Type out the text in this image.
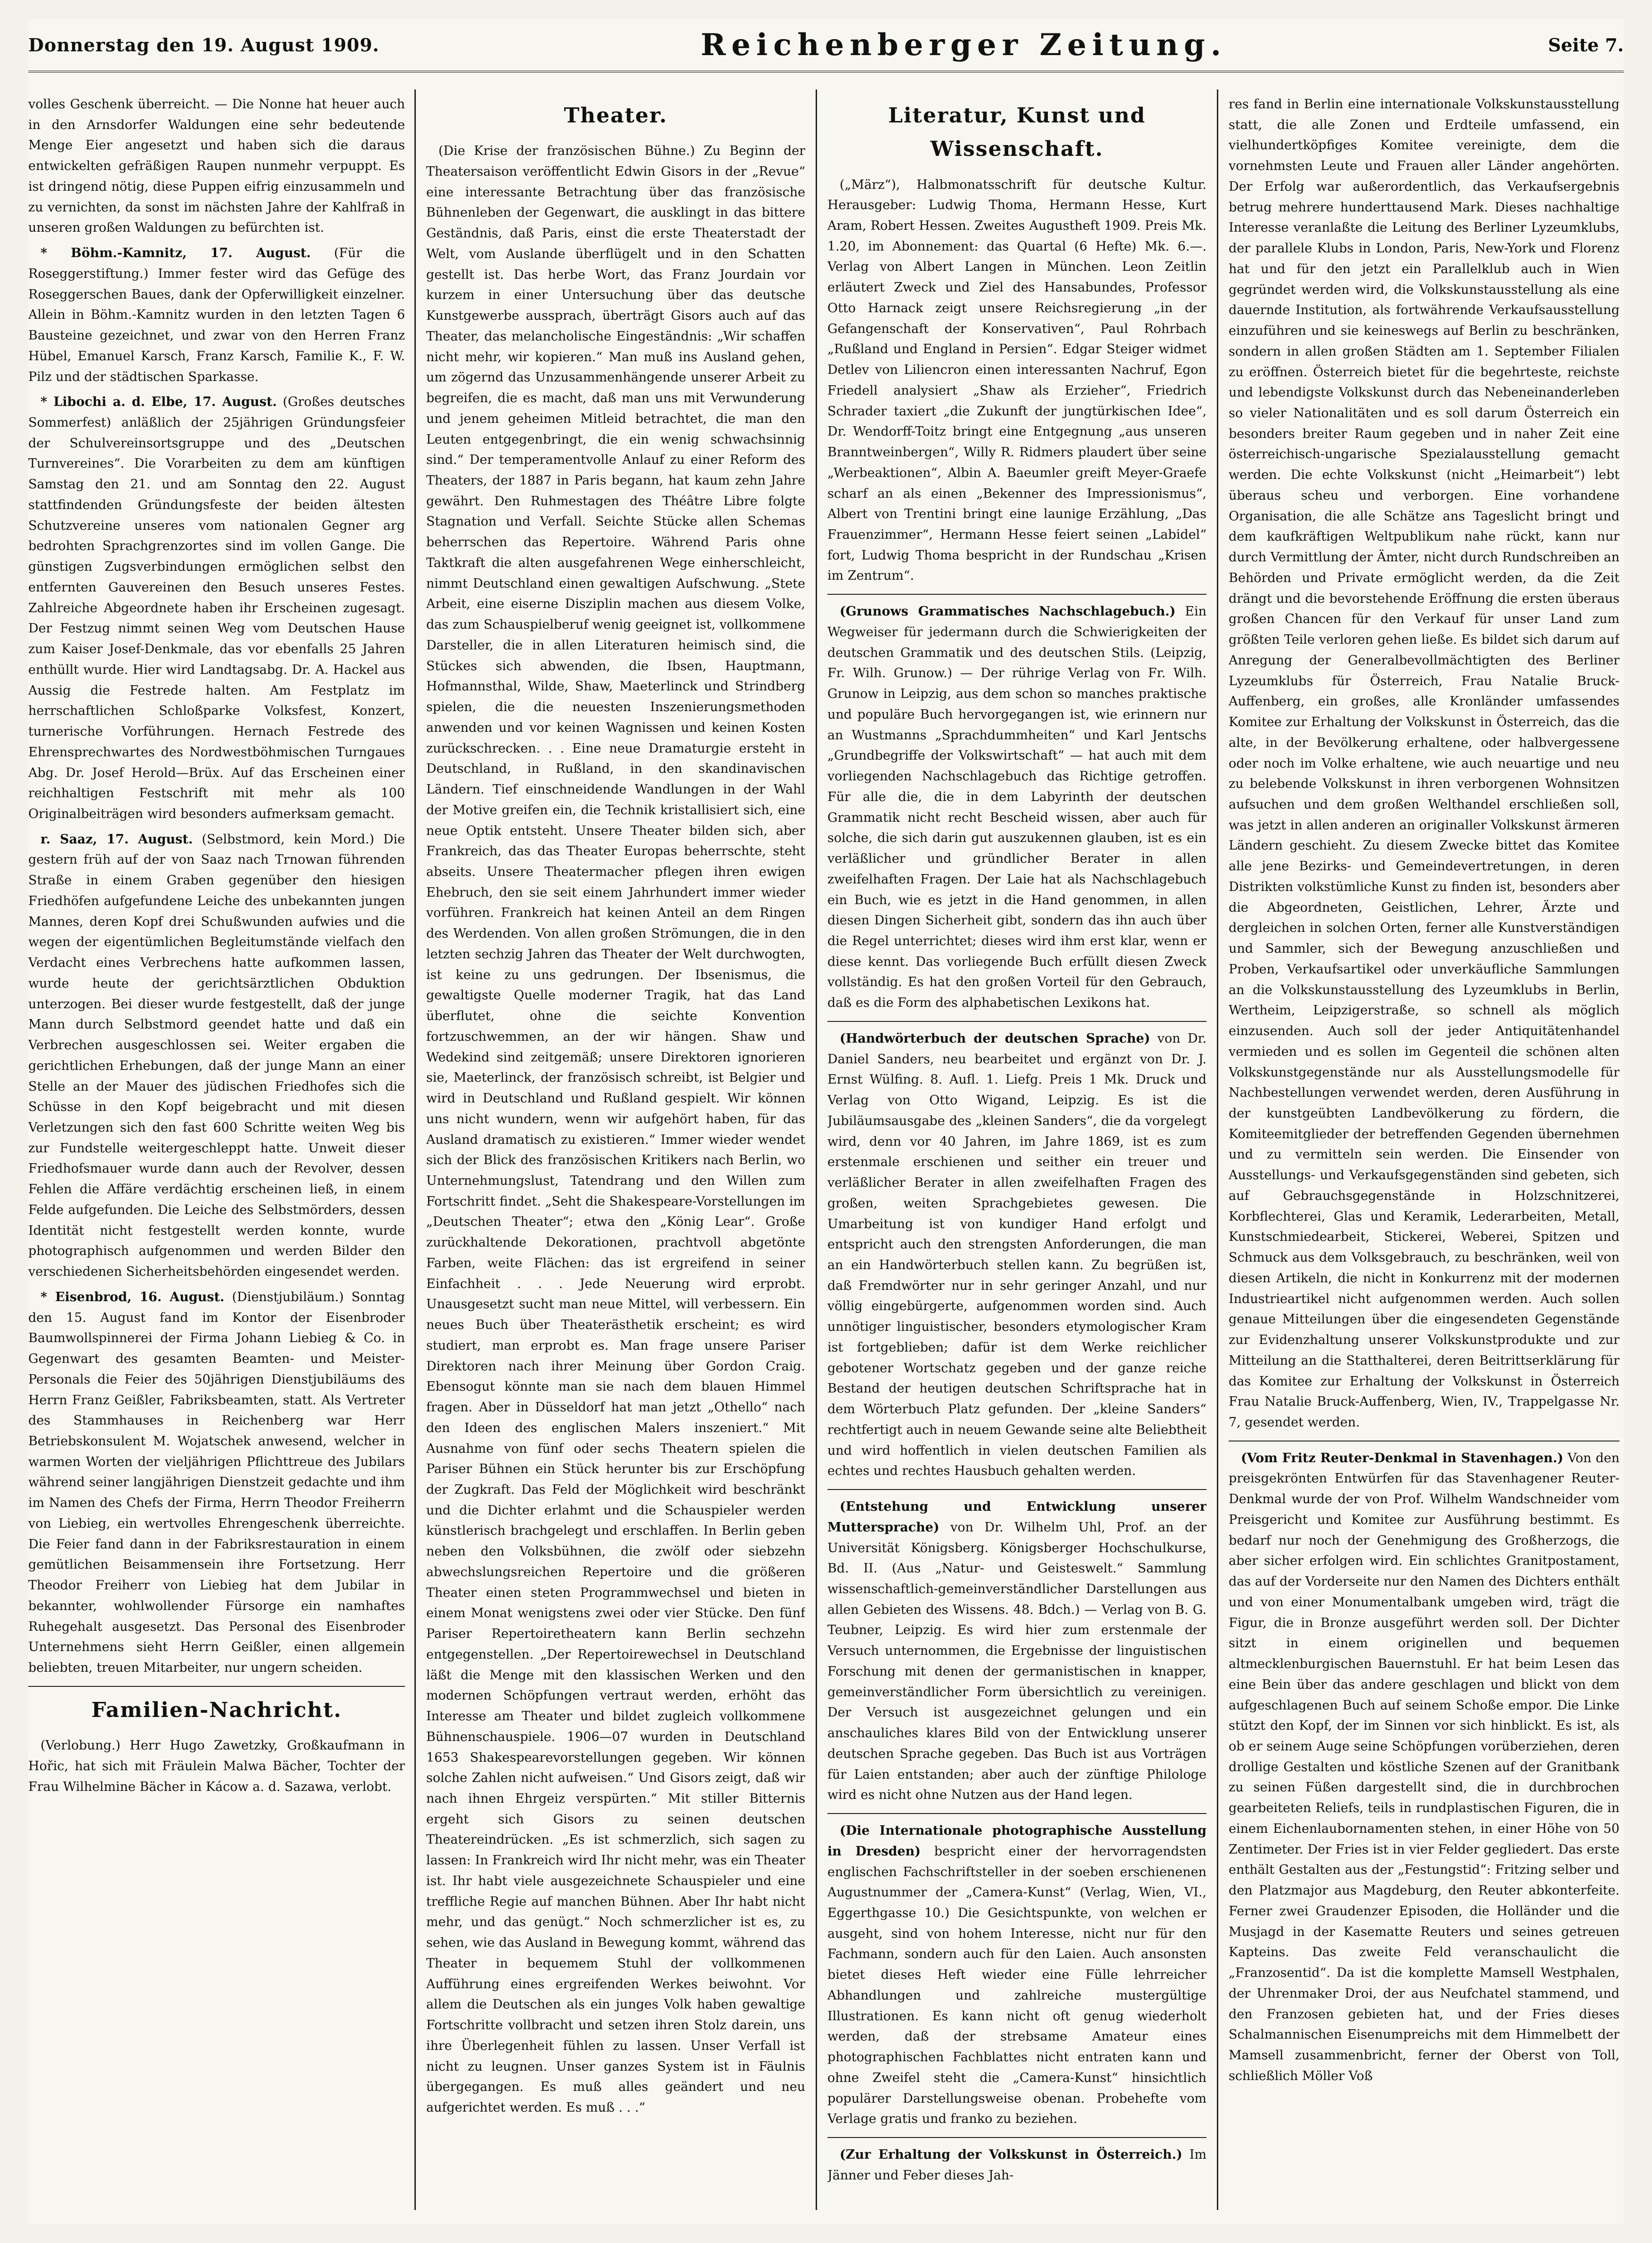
Donnerstag den 19. August 1909.	Reichenberger Zeitung.	Seite 7.

volles Geschenk überreicht. — Die Nonne hat heuer auch in den Arnsdorfer Waldungen eine sehr bedeutende Menge Eier angesetzt und haben sich die daraus entwickelten gefräßigen Raupen nunmehr verpuppt. Es ist dringend nötig, diese Puppen eifrig einzusammeln und zu vernichten, da sonst im nächsten Jahre der Kahlfraß in unseren großen Waldungen zu befürchten ist.

* Böhm.-Kamnitz, 17. August. (Für die Roseggerstiftung.) Immer fester wird das Gefüge des Roseggerschen Baues, dank der Opferwilligkeit einzelner. Allein in Böhm.-Kamnitz wurden in den letzten Tagen 6 Bausteine gezeichnet, und zwar von den Herren Franz Hübel, Emanuel Karsch, Franz Karsch, Familie K., F. W. Pilz und der städtischen Sparkasse.

* Libochi a. d. Elbe, 17. August. (Großes deutsches Sommerfest) anläßlich der 25jährigen Gründungsfeier der Schulvereinsortsgruppe und des „Deutschen Turnvereines“. Die Vorarbeiten zu dem am künftigen Samstag den 21. und am Sonntag den 22. August stattfindenden Gründungsfeste der beiden ältesten Schutzvereine unseres vom nationalen Gegner arg bedrohten Sprachgrenzortes sind im vollen Gange. Die günstigen Zugsverbindungen ermöglichen selbst den entfernten Gauvereinen den Besuch unseres Festes. Zahlreiche Abgeordnete haben ihr Erscheinen zugesagt. Der Festzug nimmt seinen Weg vom Deutschen Hause zum Kaiser Josef-Denkmale, das vor ebenfalls 25 Jahren enthüllt wurde. Hier wird Landtagsabg. Dr. A. Hackel aus Aussig die Festrede halten. Am Festplatz im herrschaftlichen Schloßparke Volksfest, Konzert, turnerische Vorführungen. Hernach Festrede des Ehrensprechwartes des Nordwestböhmischen Turngaues Abg. Dr. Josef Herold—Brüx. Auf das Erscheinen einer reichhaltigen Festschrift mit mehr als 100 Originalbeiträgen wird besonders aufmerksam gemacht.

r. Saaz, 17. August. (Selbstmord, kein Mord.) Die gestern früh auf der von Saaz nach Trnowan führenden Straße in einem Graben gegenüber den hiesigen Friedhöfen aufgefundene Leiche des unbekannten jungen Mannes, deren Kopf drei Schußwunden aufwies und die wegen der eigentümlichen Begleitumstände vielfach den Verdacht eines Verbrechens hatte aufkommen lassen, wurde heute der gerichtsärztlichen Obduktion unterzogen. Bei dieser wurde festgestellt, daß der junge Mann durch Selbstmord geendet hatte und daß ein Verbrechen ausgeschlossen sei. Weiter ergaben die gerichtlichen Erhebungen, daß der junge Mann an einer Stelle an der Mauer des jüdischen Friedhofes sich die Schüsse in den Kopf beigebracht und mit diesen Verletzungen sich den fast 600 Schritte weiten Weg bis zur Fundstelle weitergeschleppt hatte. Unweit dieser Friedhofsmauer wurde dann auch der Revolver, dessen Fehlen die Affäre verdächtig erscheinen ließ, in einem Felde aufgefunden. Die Leiche des Selbstmörders, dessen Identität nicht festgestellt werden konnte, wurde photographisch aufgenommen und werden Bilder den verschiedenen Sicherheitsbehörden eingesendet werden.

* Eisenbrod, 16. August. (Dienstjubiläum.) Sonntag den 15. August fand im Kontor der Eisenbroder Baumwollspinnerei der Firma Johann Liebieg & Co. in Gegenwart des gesamten Beamten- und Meister-Personals die Feier des 50jährigen Dienstjubiläums des Herrn Franz Geißler, Fabriksbeamten, statt. Als Vertreter des Stammhauses in Reichenberg war Herr Betriebskonsulent M. Wojatschek anwesend, welcher in warmen Worten der vieljährigen Pflichttreue des Jubilars während seiner langjährigen Dienstzeit gedachte und ihm im Namen des Chefs der Firma, Herrn Theodor Freiherrn von Liebieg, ein wertvolles Ehrengeschenk überreichte. Die Feier fand dann in der Fabriksrestauration in einem gemütlichen Beisammensein ihre Fortsetzung. Herr Theodor Freiherr von Liebieg hat dem Jubilar in bekannter, wohlwollender Fürsorge ein namhaftes Ruhegehalt ausgesetzt. Das Personal des Eisenbroder Unternehmens sieht Herrn Geißler, einen allgemein beliebten, treuen Mitarbeiter, nur ungern scheiden.

Familien-Nachricht.

(Verlobung.) Herr Hugo Zawetzky, Großkaufmann in Hořic, hat sich mit Fräulein Malwa Bächer, Tochter der Frau Wilhelmine Bächer in Kácow a. d. Sazawa, verlobt.

Theater.

(Die Krise der französischen Bühne.) Zu Beginn der Theatersaison veröffentlicht Edwin Gisors in der „Revue“ eine interessante Betrachtung über das französische Bühnenleben der Gegenwart, die ausklingt in das bittere Geständnis, daß Paris, einst die erste Theaterstadt der Welt, vom Auslande überflügelt und in den Schatten gestellt ist. Das herbe Wort, das Franz Jourdain vor kurzem in einer Untersuchung über das deutsche Kunstgewerbe aussprach, überträgt Gisors auch auf das Theater, das melancholische Eingeständnis: „Wir schaffen nicht mehr, wir kopieren.“ Man muß ins Ausland gehen, um zögernd das Unzusammenhängende unserer Arbeit zu begreifen, die es macht, daß man uns mit Verwunderung und jenem geheimen Mitleid betrachtet, die man den Leuten entgegenbringt, die ein wenig schwachsinnig sind.“ Der temperamentvolle Anlauf zu einer Reform des Theaters, der 1887 in Paris begann, hat kaum zehn Jahre gewährt. Den Ruhmestagen des Théâtre Libre folgte Stagnation und Verfall. Seichte Stücke allen Schemas beherrschen das Repertoire. Während Paris ohne Taktkraft die alten ausgefahrenen Wege einherschleicht, nimmt Deutschland einen gewaltigen Aufschwung. „Stete Arbeit, eine eiserne Disziplin machen aus diesem Volke, das zum Schauspielberuf wenig geeignet ist, vollkommene Darsteller, die in allen Literaturen heimisch sind, die Stückes sich abwenden, die Ibsen, Hauptmann, Hofmannsthal, Wilde, Shaw, Maeterlinck und Strindberg spielen, die die neuesten Inszenierungsmethoden anwenden und vor keinen Wagnissen und keinen Kosten zurückschrecken. . . Eine neue Dramaturgie ersteht in Deutschland, in Rußland, in den skandinavischen Ländern. Tief einschneidende Wandlungen in der Wahl der Motive greifen ein, die Technik kristallisiert sich, eine neue Optik entsteht. Unsere Theater bilden sich, aber Frankreich, das das Theater Europas beherrschte, steht abseits. Unsere Theatermacher pflegen ihren ewigen Ehebruch, den sie seit einem Jahrhundert immer wieder vorführen. Frankreich hat keinen Anteil an dem Ringen des Werdenden. Von allen großen Strömungen, die in den letzten sechzig Jahren das Theater der Welt durchwogten, ist keine zu uns gedrungen. Der Ibsenismus, die gewaltigste Quelle moderner Tragik, hat das Land überflutet, ohne die seichte Konvention fortzuschwemmen, an der wir hängen. Shaw und Wedekind sind zeitgemäß; unsere Direktoren ignorieren sie, Maeterlinck, der französisch schreibt, ist Belgier und wird in Deutschland und Rußland gespielt. Wir können uns nicht wundern, wenn wir aufgehört haben, für das Ausland dramatisch zu existieren.“ Immer wieder wendet sich der Blick des französischen Kritikers nach Berlin, wo Unternehmungslust, Tatendrang und den Willen zum Fortschritt findet. „Seht die Shakespeare-Vorstellungen im „Deutschen Theater“; etwa den „König Lear“. Große zurückhaltende Dekorationen, prachtvoll abgetönte Farben, weite Flächen: das ist ergreifend in seiner Einfachheit . . . Jede Neuerung wird erprobt. Unausgesetzt sucht man neue Mittel, will verbessern. Ein neues Buch über Theaterästhetik erscheint; es wird studiert, man erprobt es. Man frage unsere Pariser Direktoren nach ihrer Meinung über Gordon Craig. Ebensogut könnte man sie nach dem blauen Himmel fragen. Aber in Düsseldorf hat man jetzt „Othello“ nach den Ideen des englischen Malers inszeniert.“ Mit Ausnahme von fünf oder sechs Theatern spielen die Pariser Bühnen ein Stück herunter bis zur Erschöpfung der Zugkraft. Das Feld der Möglichkeit wird beschränkt und die Dichter erlahmt und die Schauspieler werden künstlerisch brachgelegt und erschlaffen. In Berlin geben neben den Volksbühnen, die zwölf oder siebzehn abwechslungsreichen Repertoire und die größeren Theater einen steten Programmwechsel und bieten in einem Monat wenigstens zwei oder vier Stücke. Den fünf Pariser Repertoiretheatern kann Berlin sechzehn entgegenstellen. „Der Repertoirewechsel in Deutschland läßt die Menge mit den klassischen Werken und den modernen Schöpfungen vertraut werden, erhöht das Interesse am Theater und bildet zugleich vollkommene Bühnenschauspiele. 1906—07 wurden in Deutschland 1653 Shakespearevorstellungen gegeben. Wir können solche Zahlen nicht aufweisen.“ Und Gisors zeigt, daß wir nach ihnen Ehrgeiz verspürten.“ Mit stiller Bitternis ergeht sich Gisors zu seinen deutschen Theatereindrücken. „Es ist schmerzlich, sich sagen zu lassen: In Frankreich wird Ihr nicht mehr, was ein Theater ist. Ihr habt viele ausgezeichnete Schauspieler und eine treffliche Regie auf manchen Bühnen. Aber Ihr habt nicht mehr, und das genügt.“ Noch schmerzlicher ist es, zu sehen, wie das Ausland in Bewegung kommt, während das Theater in bequemem Stuhl der vollkommenen Aufführung eines ergreifenden Werkes beiwohnt. Vor allem die Deutschen als ein junges Volk haben gewaltige Fortschritte vollbracht und setzen ihren Stolz darein, uns ihre Überlegenheit fühlen zu lassen. Unser Verfall ist nicht zu leugnen. Unser ganzes System ist in Fäulnis übergegangen. Es muß alles geändert und neu aufgerichtet werden. Es muß . . .“

Literatur, Kunst und Wissenschaft.

(„März“), Halbmonatsschrift für deutsche Kultur. Herausgeber: Ludwig Thoma, Hermann Hesse, Kurt Aram, Robert Hessen. Zweites Augustheft 1909. Preis Mk. 1.20, im Abonnement: das Quartal (6 Hefte) Mk. 6.—. Verlag von Albert Langen in München. Leon Zeitlin erläutert Zweck und Ziel des Hansabundes, Professor Otto Harnack zeigt unsere Reichsregierung „in der Gefangenschaft der Konservativen“, Paul Rohrbach „Rußland und England in Persien“. Edgar Steiger widmet Detlev von Liliencron einen interessanten Nachruf, Egon Friedell analysiert „Shaw als Erzieher“, Friedrich Schrader taxiert „die Zukunft der jungtürkischen Idee“, Dr. Wendorff-Toitz bringt eine Entgegnung „aus unseren Branntweinbergen“, Willy R. Ridmers plaudert über seine „Werbeaktionen“, Albin A. Baeumler greift Meyer-Graefe scharf an als einen „Bekenner des Impressionismus“, Albert von Trentini bringt eine launige Erzählung, „Das Frauenzimmer“, Hermann Hesse feiert seinen „Labidel“ fort, Ludwig Thoma bespricht in der Rundschau „Krisen im Zentrum“.

(Grunows Grammatisches Nachschlagebuch.) Ein Wegweiser für jedermann durch die Schwierigkeiten der deutschen Grammatik und des deutschen Stils. (Leipzig, Fr. Wilh. Grunow.) — Der rührige Verlag von Fr. Wilh. Grunow in Leipzig, aus dem schon so manches praktische und populäre Buch hervorgegangen ist, wie erinnern nur an Wustmanns „Sprachdummheiten“ und Karl Jentschs „Grundbegriffe der Volkswirtschaft“ — hat auch mit dem vorliegenden Nachschlagebuch das Richtige getroffen. Für alle die, die in dem Labyrinth der deutschen Grammatik nicht recht Bescheid wissen, aber auch für solche, die sich darin gut auszukennen glauben, ist es ein verläßlicher und gründlicher Berater in allen zweifelhaften Fragen. Der Laie hat als Nachschlagebuch ein Buch, wie es jetzt in die Hand genommen, in allen diesen Dingen Sicherheit gibt, sondern das ihn auch über die Regel unterrichtet; dieses wird ihm erst klar, wenn er diese kennt. Das vorliegende Buch erfüllt diesen Zweck vollständig. Es hat den großen Vorteil für den Gebrauch, daß es die Form des alphabetischen Lexikons hat.

(Handwörterbuch der deutschen Sprache) von Dr. Daniel Sanders, neu bearbeitet und ergänzt von Dr. J. Ernst Wülfing. 8. Aufl. 1. Liefg. Preis 1 Mk. Druck und Verlag von Otto Wigand, Leipzig. Es ist die Jubiläumsausgabe des „kleinen Sanders“, die da vorgelegt wird, denn vor 40 Jahren, im Jahre 1869, ist es zum erstenmale erschienen und seither ein treuer und verläßlicher Berater in allen zweifelhaften Fragen des großen, weiten Sprachgebietes gewesen. Die Umarbeitung ist von kundiger Hand erfolgt und entspricht auch den strengsten Anforderungen, die man an ein Handwörterbuch stellen kann. Zu begrüßen ist, daß Fremdwörter nur in sehr geringer Anzahl, und nur völlig eingebürgerte, aufgenommen worden sind. Auch unnötiger linguistischer, besonders etymologischer Kram ist fortgeblieben; dafür ist dem Werke reichlicher gebotener Wortschatz gegeben und der ganze reiche Bestand der heutigen deutschen Schriftsprache hat in dem Wörterbuch Platz gefunden. Der „kleine Sanders“ rechtfertigt auch in neuem Gewande seine alte Beliebtheit und wird hoffentlich in vielen deutschen Familien als echtes und rechtes Hausbuch gehalten werden.

(Entstehung und Entwicklung unserer Muttersprache) von Dr. Wilhelm Uhl, Prof. an der Universität Königsberg. Königsberger Hochschulkurse, Bd. II. (Aus „Natur- und Geisteswelt.“ Sammlung wissenschaftlich-gemeinverständlicher Darstellungen aus allen Gebieten des Wissens. 48. Bdch.) — Verlag von B. G. Teubner, Leipzig. Es wird hier zum erstenmale der Versuch unternommen, die Ergebnisse der linguistischen Forschung mit denen der germanistischen in knapper, gemeinverständlicher Form übersichtlich zu vereinigen. Der Versuch ist ausgezeichnet gelungen und ein anschauliches klares Bild von der Entwicklung unserer deutschen Sprache gegeben. Das Buch ist aus Vorträgen für Laien entstanden; aber auch der zünftige Philologe wird es nicht ohne Nutzen aus der Hand legen.

(Die Internationale photographische Ausstellung in Dresden) bespricht einer der hervorragendsten englischen Fachschriftsteller in der soeben erschienenen Augustnummer der „Camera-Kunst“ (Verlag, Wien, VI., Eggerthgasse 10.) Die Gesichtspunkte, von welchen er ausgeht, sind von hohem Interesse, nicht nur für den Fachmann, sondern auch für den Laien. Auch ansonsten bietet dieses Heft wieder eine Fülle lehrreicher Abhandlungen und zahlreiche mustergültige Illustrationen. Es kann nicht oft genug wiederholt werden, daß der strebsame Amateur eines photographischen Fachblattes nicht entraten kann und ohne Zweifel steht die „Camera-Kunst“ hinsichtlich populärer Darstellungsweise obenan. Probehefte vom Verlage gratis und franko zu beziehen.

(Zur Erhaltung der Volkskunst in Österreich.) Im Jänner und Feber dieses Jah-

res fand in Berlin eine internationale Volkskunstausstellung statt, die alle Zonen und Erdteile umfassend, ein vielhundertköpfiges Komitee vereinigte, dem die vornehmsten Leute und Frauen aller Länder angehörten. Der Erfolg war außerordentlich, das Verkaufsergebnis betrug mehrere hunderttausend Mark. Dieses nachhaltige Interesse veranlaßte die Leitung des Berliner Lyzeumklubs, der parallele Klubs in London, Paris, New-York und Florenz hat und für den jetzt ein Parallelklub auch in Wien gegründet werden wird, die Volkskunstausstellung als eine dauernde Institution, als fortwährende Verkaufsausstellung einzuführen und sie keineswegs auf Berlin zu beschränken, sondern in allen großen Städten am 1. September Filialen zu eröffnen. Österreich bietet für die begehrteste, reichste und lebendigste Volkskunst durch das Nebeneinanderleben so vieler Nationalitäten und es soll darum Österreich ein besonders breiter Raum gegeben und in naher Zeit eine österreichisch-ungarische Spezialausstellung gemacht werden. Die echte Volkskunst (nicht „Heimarbeit“) lebt überaus scheu und verborgen. Eine vorhandene Organisation, die alle Schätze ans Tageslicht bringt und dem kaufkräftigen Weltpublikum nahe rückt, kann nur durch Vermittlung der Ämter, nicht durch Rundschreiben an Behörden und Private ermöglicht werden, da die Zeit drängt und die bevorstehende Eröffnung die ersten überaus großen Chancen für den Verkauf für unser Land zum größten Teile verloren gehen ließe. Es bildet sich darum auf Anregung der Generalbevollmächtigten des Berliner Lyzeumklubs für Österreich, Frau Natalie Bruck-Auffenberg, ein großes, alle Kronländer umfassendes Komitee zur Erhaltung der Volkskunst in Österreich, das die alte, in der Bevölkerung erhaltene, oder halbvergessene oder noch im Volke erhaltene, wie auch neuartige und neu zu belebende Volkskunst in ihren verborgenen Wohnsitzen aufsuchen und dem großen Welthandel erschließen soll, was jetzt in allen anderen an originaller Volkskunst ärmeren Ländern geschieht. Zu diesem Zwecke bittet das Komitee alle jene Bezirks- und Gemeindevertretungen, in deren Distrikten volkstümliche Kunst zu finden ist, besonders aber die Abgeordneten, Geistlichen, Lehrer, Ärzte und dergleichen in solchen Orten, ferner alle Kunstverständigen und Sammler, sich der Bewegung anzuschließen und Proben, Verkaufsartikel oder unverkäufliche Sammlungen an die Volkskunstausstellung des Lyzeumklubs in Berlin, Wertheim, Leipzigerstraße, so schnell als möglich einzusenden. Auch soll der jeder Antiquitätenhandel vermieden und es sollen im Gegenteil die schönen alten Volkskunstgegenstände nur als Ausstellungsmodelle für Nachbestellungen verwendet werden, deren Ausführung in der kunstgeübten Landbevölkerung zu fördern, die Komiteemitglieder der betreffenden Gegenden übernehmen und zu vermitteln sein werden. Die Einsender von Ausstellungs- und Verkaufsgegenständen sind gebeten, sich auf Gebrauchsgegenstände in Holzschnitzerei, Korbflechterei, Glas und Keramik, Lederarbeiten, Metall, Kunstschmiedearbeit, Stickerei, Weberei, Spitzen und Schmuck aus dem Volksgebrauch, zu beschränken, weil von diesen Artikeln, die nicht in Konkurrenz mit der modernen Industrieartikel nicht aufgenommen werden. Auch sollen genaue Mitteilungen über die eingesendeten Gegenstände zur Evidenzhaltung unserer Volkskunstprodukte und zur Mitteilung an die Statthalterei, deren Beitrittserklärung für das Komitee zur Erhaltung der Volkskunst in Österreich Frau Natalie Bruck-Auffenberg, Wien, IV., Trappelgasse Nr. 7, gesendet werden.

(Vom Fritz Reuter-Denkmal in Stavenhagen.) Von den preisgekrönten Entwürfen für das Stavenhagener Reuter-Denkmal wurde der von Prof. Wilhelm Wandschneider vom Preisgericht und Komitee zur Ausführung bestimmt. Es bedarf nur noch der Genehmigung des Großherzogs, die aber sicher erfolgen wird. Ein schlichtes Granitpostament, das auf der Vorderseite nur den Namen des Dichters enthält und von einer Monumentalbank umgeben wird, trägt die Figur, die in Bronze ausgeführt werden soll. Der Dichter sitzt in einem originellen und bequemen altmecklenburgischen Bauernstuhl. Er hat beim Lesen das eine Bein über das andere geschlagen und blickt von dem aufgeschlagenen Buch auf seinem Schoße empor. Die Linke stützt den Kopf, der im Sinnen vor sich hinblickt. Es ist, als ob er seinem Auge seine Schöpfungen vorüberziehen, deren drollige Gestalten und köstliche Szenen auf der Granitbank zu seinen Füßen dargestellt sind, die in durchbrochen gearbeiteten Reliefs, teils in rundplastischen Figuren, die in einem Eichenlaubornamenten stehen, in einer Höhe von 50 Zentimeter. Der Fries ist in vier Felder gegliedert. Das erste enthält Gestalten aus der „Festungstid“: Fritzing selber und den Platzmajor aus Magdeburg, den Reuter abkonterfeite. Ferner zwei Graudenzer Episoden, die Holländer und die Musjagd in der Kasematte Reuters und seines getreuen Kapteins. Das zweite Feld veranschaulicht die „Franzosentid“. Da ist die komplette Mamsell Westphalen, der Uhrenmaker Droi, der aus Neufchatel stammend, und den Franzosen gebieten hat, und der Fries dieses Schalmannischen Eisenumpreichs mit dem Himmelbett der Mamsell zusammenbricht, ferner der Oberst von Toll, schließlich Möller Voß
